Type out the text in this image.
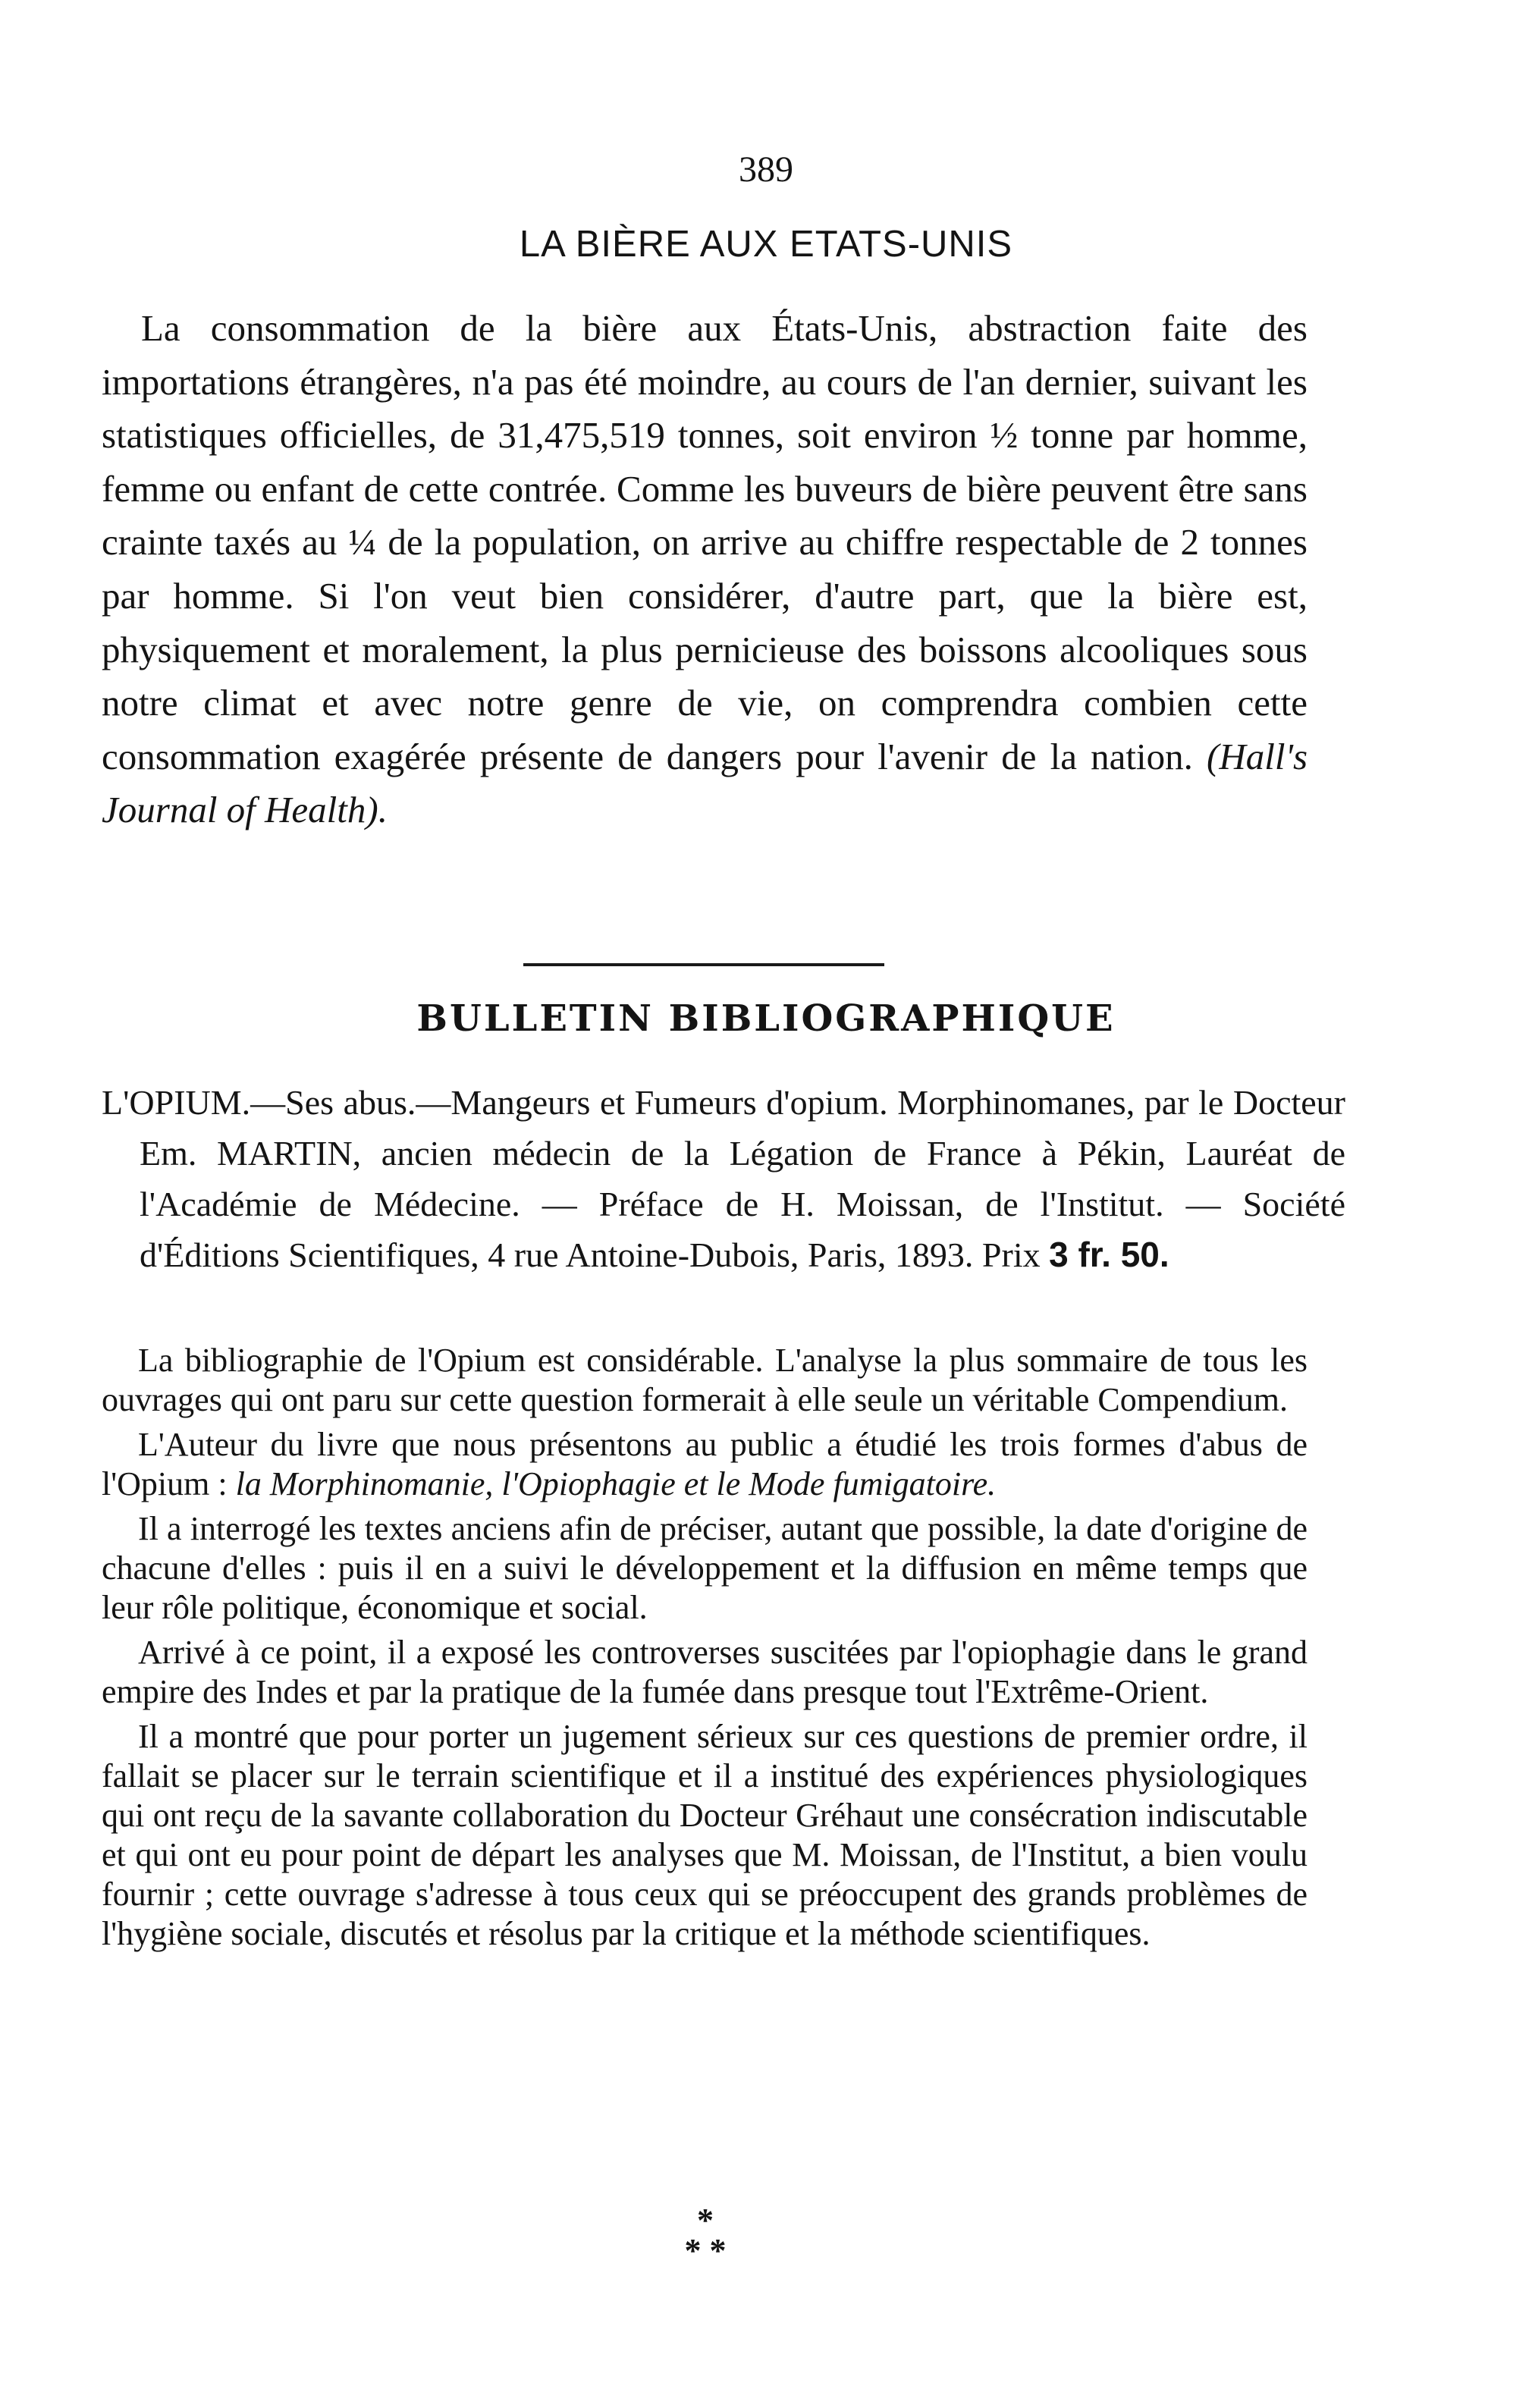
389
LA BIÈRE AUX ETATS-UNIS

La consommation de la bière aux États-Unis, abstraction faite des importations étrangères, n'a pas été moindre, au cours de l'an dernier, suivant les statistiques officielles, de 31,475,519 tonnes, soit environ ½ tonne par homme, femme ou enfant de cette contrée. Comme les buveurs de bière peuvent être sans crainte taxés au ¼ de la population, on arrive au chiffre respectable de 2 tonnes par homme. Si l'on veut bien considérer, d'autre part, que la bière est, physiquement et moralement, la plus pernicieuse des boissons alcooliques sous notre climat et avec notre genre de vie, on comprendra combien cette consommation exagérée présente de dangers pour l'avenir de la nation. (Hall's Journal of Health).

BULLETIN BIBLIOGRAPHIQUE

L'OPIUM.—Ses abus.—Mangeurs et Fumeurs d'opium. Morphinomanes, par le Docteur Em. MARTIN, ancien médecin de la Légation de France à Pékin, Lauréat de l'Académie de Médecine. — Préface de H. Moissan, de l'Institut. — Société d'Éditions Scientifiques, 4 rue Antoine-Dubois, Paris, 1893. Prix 3 fr. 50.

La bibliographie de l'Opium est considérable. L'analyse la plus sommaire de tous les ouvrages qui ont paru sur cette question formerait à elle seule un véritable Compendium.

L'Auteur du livre que nous présentons au public a étudié les trois formes d'abus de l'Opium : la Morphinomanie, l'Opiophagie et le Mode fumigatoire.

Il a interrogé les textes anciens afin de préciser, autant que possible, la date d'origine de chacune d'elles : puis il en a suivi le développement et la diffusion en même temps que leur rôle politique, économique et social.

Arrivé à ce point, il a exposé les controverses suscitées par l'opiophagie dans le grand empire des Indes et par la pratique de la fumée dans presque tout l'Extrême-Orient.

Il a montré que pour porter un jugement sérieux sur ces questions de premier ordre, il fallait se placer sur le terrain scientifique et il a institué des expériences physiologiques qui ont reçu de la savante collaboration du Docteur Gréhaut une consécration indiscutable et qui ont eu pour point de départ les analyses que M. Moissan, de l'Institut, a bien voulu fournir ; cette ouvrage s'adresse à tous ceux qui se préoccupent des grands problèmes de l'hygiène sociale, discutés et résolus par la critique et la méthode scientifiques.

*
* *
